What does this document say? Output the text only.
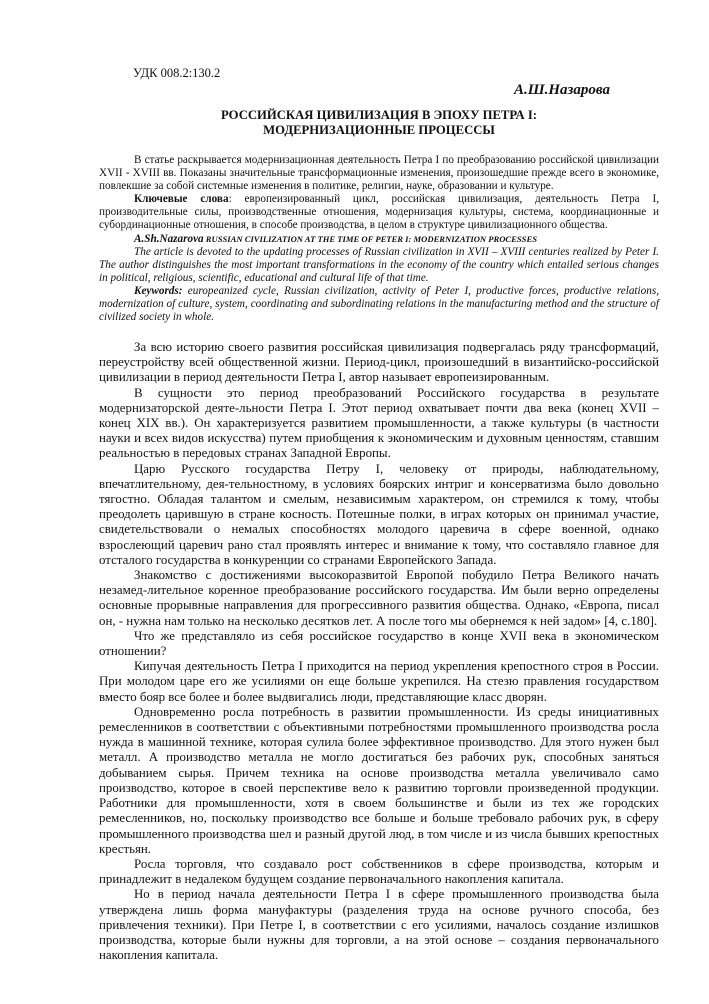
УДК 008.2:130.2
А.Ш.Назарова
РОССИЙСКАЯ ЦИВИЛИЗАЦИЯ В ЭПОХУ ПЕТРА I:
МОДЕРНИЗАЦИОННЫЕ ПРОЦЕССЫ

В статье раскрывается модернизационная деятельность Петра I по преобразованию российской цивилизации XVII - XVIII вв. Показаны значительные трансформационные изменения, произошедшие прежде всего в экономике, повлекшие за собой системные изменения в политике, религии, науке, образовании и культуре.

Ключевые слова: европеизированный цикл, российская цивилизация, деятельность Петра I, производительные силы, производственные отношения, модернизация культуры, система, координационные и субординационные отношения, в способе производства, в целом в структуре цивилизационного общества.

A.Sh.Nazarova RUSSIAN CIVILIZATION AT THE TIME OF PETER I: MODERNIZATION PROCESSES

The article is devoted to the updating processes of Russian civilization in XVII – XVIII centuries realized by Peter I. The author distinguishes the most important transformations in the economy of the country which entailed serious changes in political, religious, scientific, educational and cultural life of that time.

Keywords: europeanized cycle, Russian civilization, activity of Peter I, productive forces, productive relations, modernization of culture, system, coordinating and subordinating relations in the manufacturing method and the structure of civilized society in whole.

За всю историю своего развития российская цивилизация подвергалась ряду трансформаций, переустройству всей общественной жизни. Период-цикл, произошедший в византийско-российской цивилизации в период деятельности Петра I, автор называет европеизированным.

В сущности это период преобразований Российского государства в результате модернизаторской деяте-льности Петра I. Этот период охватывает почти два века (конец XVII – конец XIX вв.). Он характеризуется развитием промышленности, а также культуры (в частности науки и всех видов искусства) путем приобщения к экономическим и духовным ценностям, ставшим реальностью в передовых странах Западной Европы.

Царю Русского государства Петру I, человеку от природы, наблюдательному, впечатлительному, дея-тельностному, в условиях боярских интриг и консерватизма было довольно тягостно. Обладая талантом и смелым, независимым характером, он стремился к тому, чтобы преодолеть царившую в стране косность. Потешные полки, в играх которых он принимал участие, свидетельствовали о немалых способностях молодого царевича в сфере военной, однако взрослеющий царевич рано стал проявлять интерес и внимание к тому, что составляло главное для отсталого государства в конкуренции со странами Европейского Запада.

Знакомство с достижениями высокоразвитой Европой побудило Петра Великого начать незамед-лительное коренное преобразование российского государства. Им были верно определены основные прорывные направления для прогрессивного развития общества. Однако, «Европа, писал он, - нужна нам только на несколько десятков лет. А после того мы обернемся к ней задом» [4, с.180].

Что же представляло из себя российское государство в конце XVII века в экономическом отношении?

Кипучая деятельность Петра I приходится на период укрепления крепостного строя в России. При молодом царе его же усилиями он еще больше укрепился. На стезю правления государством вместо бояр все более и более выдвигались люди, представляющие класс дворян.

Одновременно росла потребность в развитии промышленности. Из среды инициативных ремесленников в соответствии с объективными потребностями промышленного производства росла нужда в машинной технике, которая сулила более эффективное производство. Для этого нужен был металл. А производство металла не могло достигаться без рабочих рук, способных заняться добыванием сырья. Причем техника на основе производства металла увеличивало само производство, которое в своей перспективе вело к развитию торговли произведенной продукции. Работники для промышленности, хотя в своем большинстве и были из тех же городских ремесленников, но, поскольку производство все больше и больше требовало рабочих рук, в сферу промышленного производства шел и разный другой люд, в том числе и из числа бывших крепостных крестьян.

Росла торговля, что создавало рост собственников в сфере производства, которым и принадлежит в недалеком будущем создание первоначального накопления капитала.

Но в период начала деятельности Петра I в сфере промышленного производства была утверждена лишь форма мануфактуры (разделения труда на основе ручного способа, без привлечения техники). При Петре I, в соответствии с его усилиями, началось создание излишков производства, которые были нужны для торговли, а на этой основе – создания первоначального накопления капитала.
